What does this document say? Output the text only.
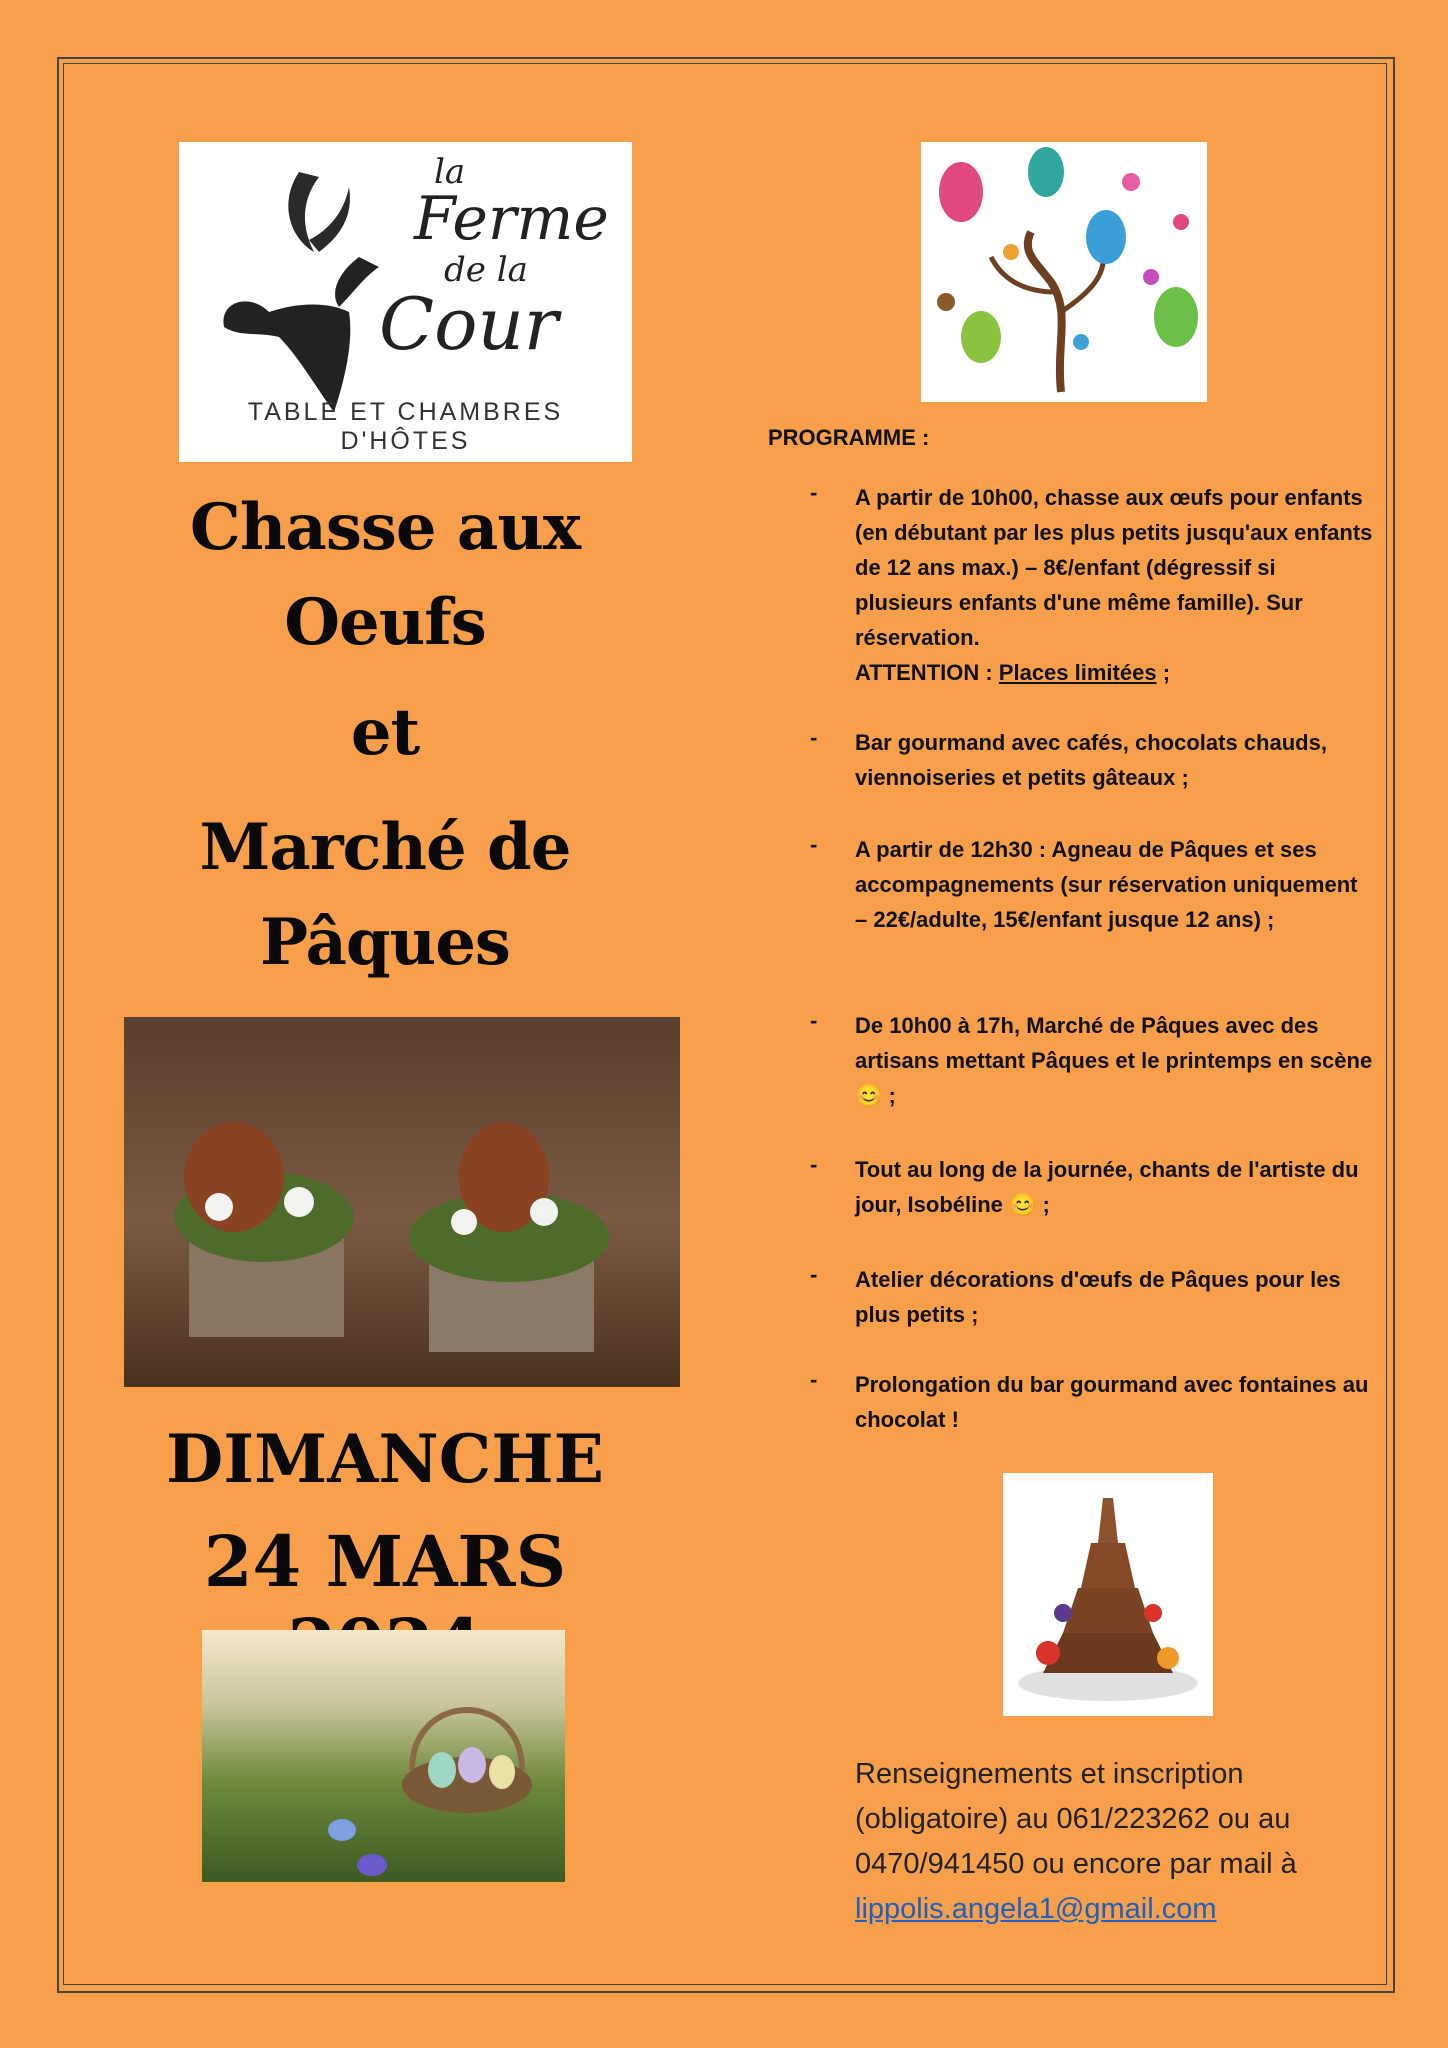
la
Ferme
de la
Cour
TABLE ET CHAMBRES D'HÔTES
Chasse aux
Oeufs
et
Marché de
Pâques
DIMANCHE
24 MARS
PROGRAMME :
- A partir de 10h00, chasse aux œufs pour enfants (en débutant par les plus petits jusqu'aux enfants de 12 ans max.) – 8€/enfant (dégressif si plusieurs enfants d'une même famille). Sur réservation.
ATTENTION : Places limitées ;
- Bar gourmand avec cafés, chocolats chauds, viennoiseries et petits gâteaux ;
- A partir de 12h30 : Agneau de Pâques et ses accompagnements (sur réservation uniquement – 22€/adulte, 15€/enfant jusque 12 ans) ;
- De 10h00 à 17h, Marché de Pâques avec des artisans mettant Pâques et le printemps en scène 😊 ;
- Tout au long de la journée, chants de l'artiste du jour, Isobéline 😊 ;
- Atelier décorations d'œufs de Pâques pour les plus petits ;
- Prolongation du bar gourmand avec fontaines au chocolat !
Renseignements et inscription (obligatoire) au 061/223262 ou au 0470/941450 ou encore par mail à
lippolis.angela1@gmail.com
